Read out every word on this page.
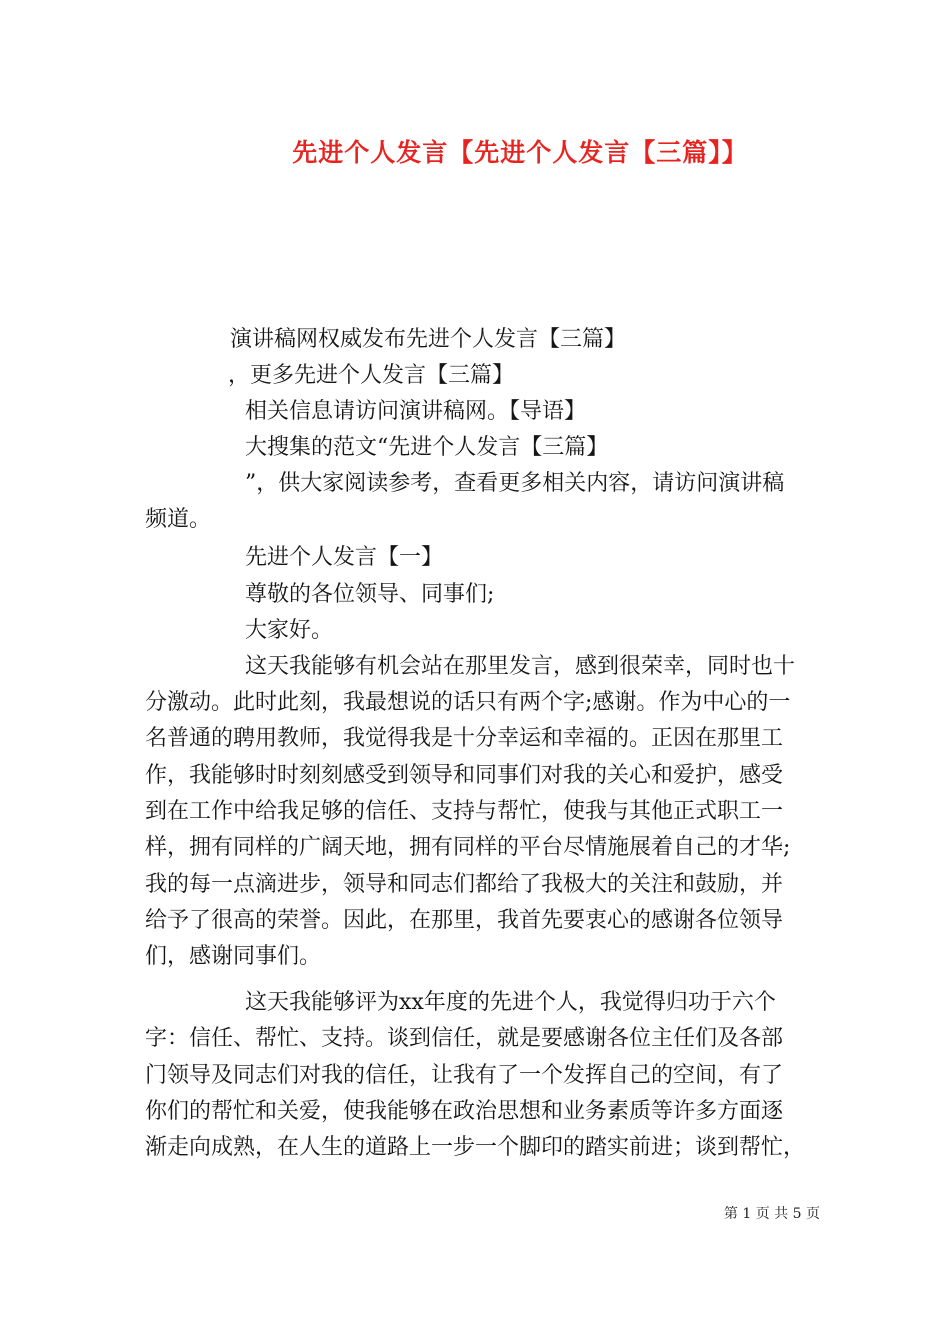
先进个人发言【先进个人发言【三篇】】
演讲稿网权威发布先进个人发言【三篇】
，更多先进个人发言【三篇】
相关信息请访问演讲稿网。【导语】
大搜集的范文“先进个人发言【三篇】
”，供大家阅读参考，查看更多相关内容，请访问演讲稿
频道。
先进个人发言【一】
尊敬的各位领导、同事们;
大家好。
这天我能够有机会站在那里发言，感到很荣幸，同时也十
分激动。此时此刻，我最想说的话只有两个字;感谢。作为中心的一
名普通的聘用教师，我觉得我是十分幸运和幸福的。正因在那里工
作，我能够时时刻刻感受到领导和同事们对我的关心和爱护，感受
到在工作中给我足够的信任、支持与帮忙，使我与其他正式职工一
样，拥有同样的广阔天地，拥有同样的平台尽情施展着自己的才华;
我的每一点滴进步，领导和同志们都给了我极大的关注和鼓励，并
给予了很高的荣誉。因此，在那里，我首先要衷心的感谢各位领导
们，感谢同事们。
这天我能够评为xx年度的先进个人，我觉得归功于六个
字：信任、帮忙、支持。谈到信任，就是要感谢各位主任们及各部
门领导及同志们对我的信任，让我有了一个发挥自己的空间，有了
你们的帮忙和关爱，使我能够在政治思想和业务素质等许多方面逐
渐走向成熟，在人生的道路上一步一个脚印的踏实前进；谈到帮忙，
第 1 页 共 5 页
